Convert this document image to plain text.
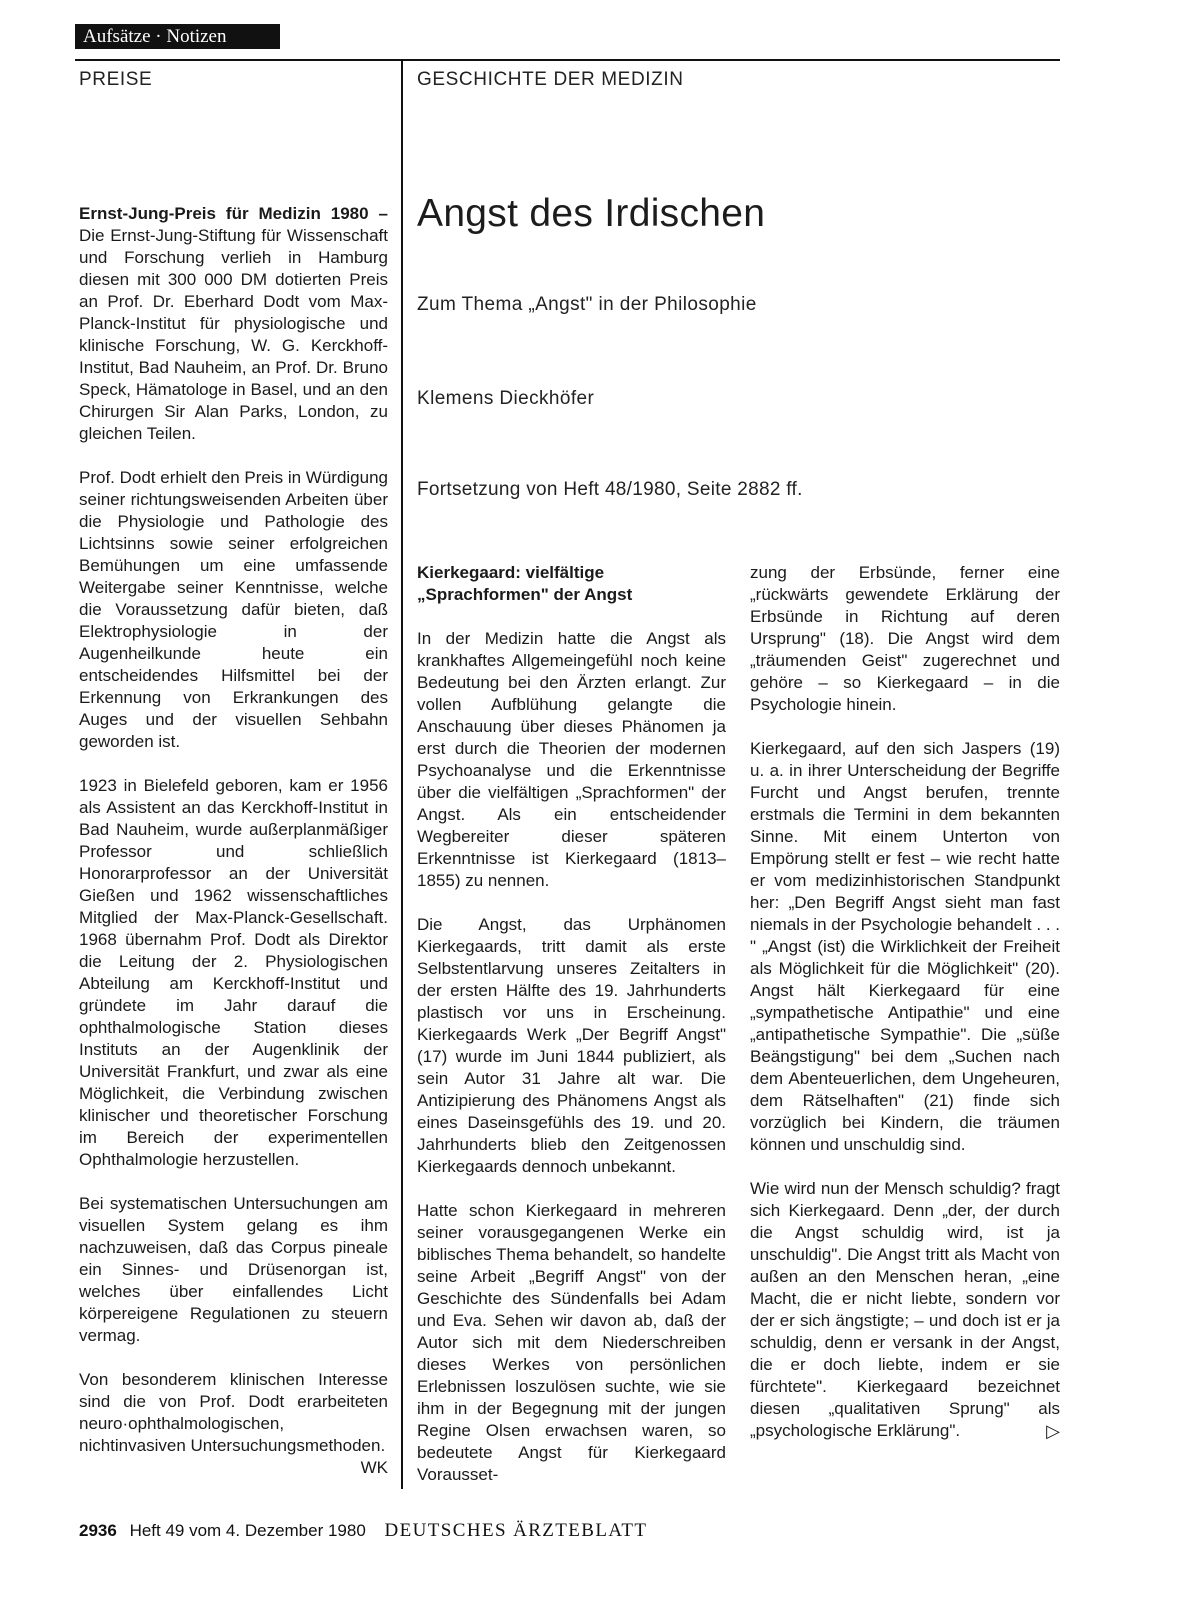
Aufsätze · Notizen
PREISE

Ernst-Jung-Preis für Medizin 1980 – Die Ernst-Jung-Stiftung für Wissenschaft und Forschung verlieh in Hamburg diesen mit 300 000 DM dotierten Preis an Prof. Dr. Eberhard Dodt vom Max-Planck-Institut für physiologische und klinische Forschung, W. G. Kerckhoff-Institut, Bad Nauheim, an Prof. Dr. Bruno Speck, Hämatologe in Basel, und an den Chirurgen Sir Alan Parks, London, zu gleichen Teilen.

Prof. Dodt erhielt den Preis in Würdigung seiner richtungsweisenden Arbeiten über die Physiologie und Pathologie des Lichtsinns sowie seiner erfolgreichen Bemühungen um eine umfassende Weitergabe seiner Kenntnisse, welche die Voraussetzung dafür bieten, daß Elektrophysiologie in der Augenheilkunde heute ein entscheidendes Hilfsmittel bei der Erkennung von Erkrankungen des Auges und der visuellen Sehbahn geworden ist.

1923 in Bielefeld geboren, kam er 1956 als Assistent an das Kerckhoff-Institut in Bad Nauheim, wurde außerplanmäßiger Professor und schließlich Honorarprofessor an der Universität Gießen und 1962 wissenschaftliches Mitglied der Max-Planck-Gesellschaft. 1968 übernahm Prof. Dodt als Direktor die Leitung der 2. Physiologischen Abteilung am Kerckhoff-Institut und gründete im Jahr darauf die ophthalmologische Station dieses Instituts an der Augenklinik der Universität Frankfurt, und zwar als eine Möglichkeit, die Verbindung zwischen klinischer und theoretischer Forschung im Bereich der experimentellen Ophthalmologie herzustellen.

Bei systematischen Untersuchungen am visuellen System gelang es ihm nachzuweisen, daß das Corpus pineale ein Sinnes- und Drüsenorgan ist, welches über einfallendes Licht körpereigene Regulationen zu steuern vermag.

Von besonderem klinischen Interesse sind die von Prof. Dodt erarbeiteten neuro·ophthalmologischen, nichtinvasiven Untersuchungsmethoden.
WK

GESCHICHTE DER MEDIZIN
Angst des Irdischen
Zum Thema „Angst" in der Philosophie
Klemens Dieckhöfer
Fortsetzung von Heft 48/1980, Seite 2882 ff.
Kierkegaard: vielfältige
„Sprachformen" der Angst

In der Medizin hatte die Angst als krankhaftes Allgemeingefühl noch keine Bedeutung bei den Ärzten erlangt. Zur vollen Aufblühung gelangte die Anschauung über dieses Phänomen ja erst durch die Theorien der modernen Psychoanalyse und die Erkenntnisse über die vielfältigen „Sprachformen" der Angst. Als ein entscheidender Wegbereiter dieser späteren Erkenntnisse ist Kierkegaard (1813–1855) zu nennen.

Die Angst, das Urphänomen Kierkegaards, tritt damit als erste Selbstentlarvung unseres Zeitalters in der ersten Hälfte des 19. Jahrhunderts plastisch vor uns in Erscheinung. Kierkegaards Werk „Der Begriff Angst" (17) wurde im Juni 1844 publiziert, als sein Autor 31 Jahre alt war. Die Antizipierung des Phänomens Angst als eines Daseinsgefühls des 19. und 20. Jahrhunderts blieb den Zeitgenossen Kierkegaards dennoch unbekannt.

Hatte schon Kierkegaard in mehreren seiner vorausgegangenen Werke ein biblisches Thema behandelt, so handelte seine Arbeit „Begriff Angst" von der Geschichte des Sündenfalls bei Adam und Eva. Sehen wir davon ab, daß der Autor sich mit dem Niederschreiben dieses Werkes von persönlichen Erlebnissen loszulösen suchte, wie sie ihm in der Begegnung mit der jungen Regine Olsen erwachsen waren, so bedeutete Angst für Kierkegaard Vorausset-

zung der Erbsünde, ferner eine „rückwärts gewendete Erklärung der Erbsünde in Richtung auf deren Ursprung" (18). Die Angst wird dem „träumenden Geist" zugerechnet und gehöre – so Kierkegaard – in die Psychologie hinein.

Kierkegaard, auf den sich Jaspers (19) u. a. in ihrer Unterscheidung der Begriffe Furcht und Angst berufen, trennte erstmals die Termini in dem bekannten Sinne. Mit einem Unterton von Empörung stellt er fest – wie recht hatte er vom medizinhistorischen Standpunkt her: „Den Begriff Angst sieht man fast niemals in der Psychologie behandelt . . . " „Angst (ist) die Wirklichkeit der Freiheit als Möglichkeit für die Möglichkeit" (20). Angst hält Kierkegaard für eine „sympathetische Antipathie" und eine „antipathetische Sympathie". Die „süße Beängstigung" bei dem „Suchen nach dem Abenteuerlichen, dem Ungeheuren, dem Rätselhaften" (21) finde sich vorzüglich bei Kindern, die träumen können und unschuldig sind.

Wie wird nun der Mensch schuldig? fragt sich Kierkegaard. Denn „der, der durch die Angst schuldig wird, ist ja unschuldig". Die Angst tritt als Macht von außen an den Menschen heran, „eine Macht, die er nicht liebte, sondern vor der er sich ängstigte; – und doch ist er ja schuldig, denn er versank in der Angst, die er doch liebte, indem er sie fürchtete". Kierkegaard bezeichnet diesen „qualitativen Sprung" als „psychologische Erklärung".	▷

2936 Heft 49 vom 4. Dezember 1980 DEUTSCHES ÄRZTEBLATT
